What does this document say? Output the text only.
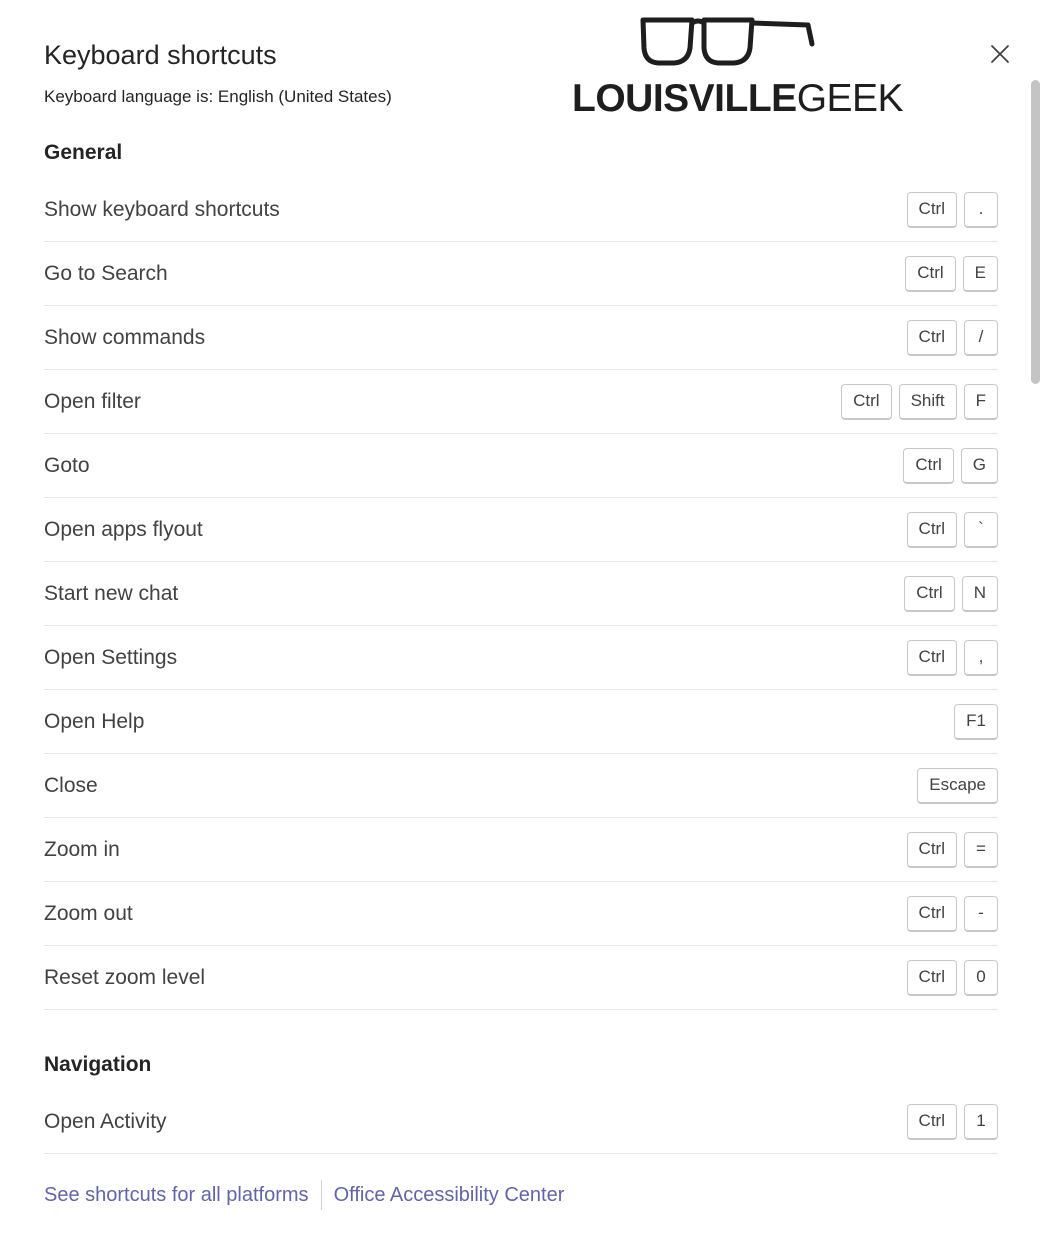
Keyboard shortcuts
Keyboard language is: English (United States)	LOUISVILLEGEEK
General
Show keyboard shortcuts	Ctrl	.
Go to Search	Ctrl	E
Show commands	Ctrl	/
Open filter	Ctrl	Shift	F
Goto	Ctrl	G
Open apps flyout	Ctrl	`
Start new chat	Ctrl	N
Open Settings	Ctrl	,
Open Help	F1
Close	Escape
Zoom in	Ctrl	=
Zoom out	Ctrl	-
Reset zoom level	Ctrl	0
Navigation
Open Activity	Ctrl	1
See shortcuts for all platforms Office Accessibility Center
